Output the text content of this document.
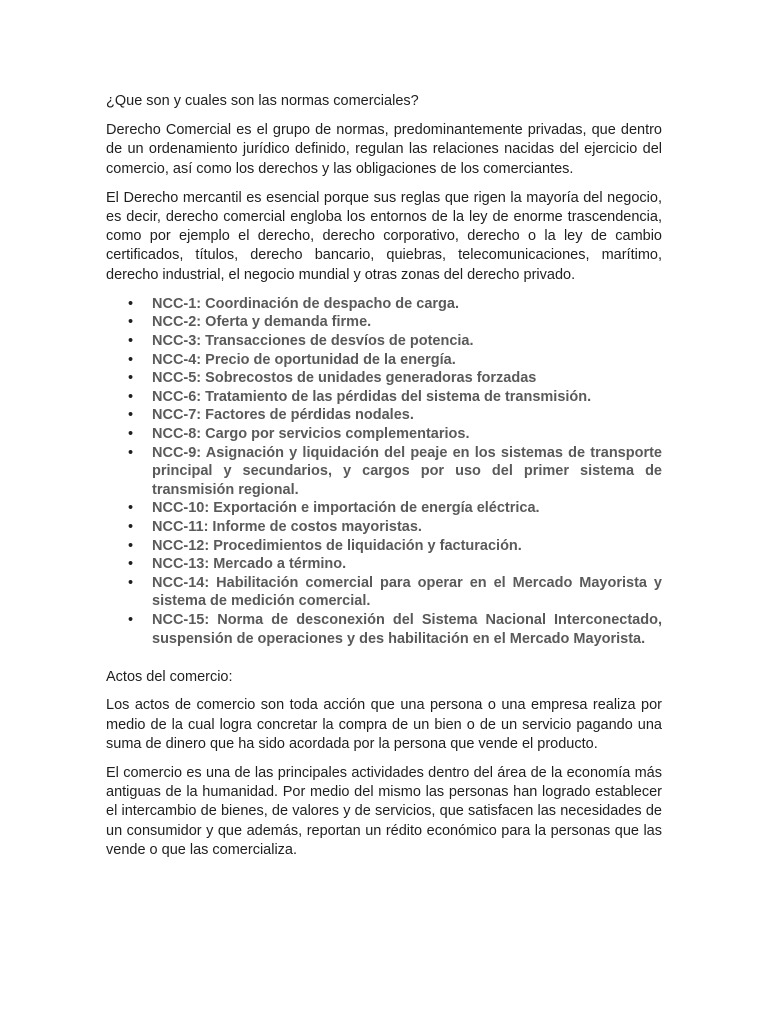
¿Que son y cuales son las normas comerciales?

Derecho Comercial es el grupo de normas, predominantemente privadas, que dentro de un ordenamiento jurídico definido, regulan las relaciones nacidas del ejercicio del comercio, así como los derechos y las obligaciones de los comerciantes.

El Derecho mercantil es esencial porque sus reglas que rigen la mayoría del negocio, es decir, derecho comercial engloba los entornos de la ley de enorme trascendencia, como por ejemplo el derecho, derecho corporativo, derecho o la ley de cambio certificados, títulos, derecho bancario, quiebras, telecomunicaciones, marítimo, derecho industrial, el negocio mundial y otras zonas del derecho privado.

• NCC-1: Coordinación de despacho de carga.
• NCC-2: Oferta y demanda firme.
• NCC-3: Transacciones de desvíos de potencia.
• NCC-4: Precio de oportunidad de la energía.
• NCC-5: Sobrecostos de unidades generadoras forzadas
• NCC-6: Tratamiento de las pérdidas del sistema de transmisión.
• NCC-7: Factores de pérdidas nodales.
• NCC-8: Cargo por servicios complementarios.
• NCC-9: Asignación y liquidación del peaje en los sistemas de transporte principal y secundarios, y cargos por uso del primer sistema de transmisión regional.
• NCC-10: Exportación e importación de energía eléctrica.
• NCC-11: Informe de costos mayoristas.
• NCC-12: Procedimientos de liquidación y facturación.
• NCC-13: Mercado a término.
• NCC-14: Habilitación comercial para operar en el Mercado Mayorista y sistema de medición comercial.
• NCC-15: Norma de desconexión del Sistema Nacional Interconectado, suspensión de operaciones y des habilitación en el Mercado Mayorista.

Actos del comercio:

Los actos de comercio son toda acción que una persona o una empresa realiza por medio de la cual logra concretar la compra de un bien o de un servicio pagando una suma de dinero que ha sido acordada por la persona que vende el producto.

El comercio es una de las principales actividades dentro del área de la economía más antiguas de la humanidad. Por medio del mismo las personas han logrado establecer el intercambio de bienes, de valores y de servicios, que satisfacen las necesidades de un consumidor y que además, reportan un rédito económico para la personas que las vende o que las comercializa.
